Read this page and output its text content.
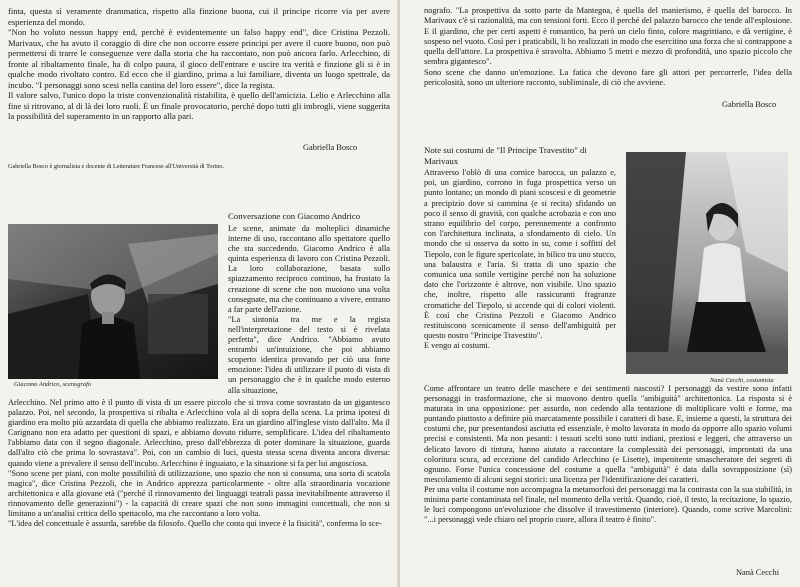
finta, questa sì veramente drammatica, rispetto alla finzione buona, cui il principe ricorre via per avere esperienza del mondo.
"Non ho voluto nessun happy end, perché è evidentemente un falso happy end", dice Cristina Pezzoli. Marivaux, che ha avuto il coraggio di dire che non occorre essere principi per avere il cuore buono, non può permettersi di trarre le conseguenze vere dalla storia che ha raccontato, non può ancora farlo. Arlecchino, di fronte al ribaltamento finale, ha di colpo paura, il gioco dell'entrare e uscire tra verità e finzione gli si è in qualche modo rivoltato contro. Ed ecco che il giardino, prima a lui familiare, diventa un luogo spettrale, da incubo. "I personaggi sono scesi nella cantina del loro essere", dice la regista.
Il valore salvo, l'unico dopo la triste convenzionalità ristabilita, è quello dell'amicizia. Lelio e Arlecchino alla fine si ritrovano, al di là dei loro ruoli. È un finale provocatorio, perché dopo tutti gli imbrogli, viene suggerita la possibilità del superamento in un rapporto alla pari.
Gabriella Bosco
Gabriella Bosco è giornalista e docente di Letterature Francese all'Università di Torino.
Giacomo Andrico, scenografo
Conversazione con Giacomo Andrico
Le scene, animate da molteplici dinamiche interne di uso, raccontano allo spettatore quello che sta succedendo. Giacomo Andrico è alla quinta esperienza di lavoro con Cristina Pezzoli. La loro collaborazione, basata sullo spiazzamento reciproco continuo, ha frustato la creazione di scene che non muoiono una volta consegnate, ma che continuano a vivere, entrano a far parte dell'azione.
"La sintonia tra me e la regista nell'interpretazione del testo si è rivelata perfetta", dice Andrico. "Abbiamo avuto entrambi un'intuizione, che poi abbiamo scoperto identica provando per ciò una forte emozione: l'idea di utilizzare il punto di vista di un personaggio che è in qualche modo esterno alla situazione,
Arlecchino. Nel primo atto è il punto di vista di un essere piccolo che si trova come sovrastato da un gigantesco palazzo. Poi, nel secondo, la prospettiva si ribalta e Arlecchino vola al di sopra della scena. La prima ipotesi di giardino era molto più azzardata di quella che abbiamo realizzato. Era un giardino all'inglese visto dall'alto. Ma il Carignano non era adatto per questioni di spazi, e abbiamo dovuto ridurre, semplificare. L'idea del ribaltamento l'abbiamo data con il segno diagonale. Arlecchino, preso dall'ebbrezza di poter dominare la situazione, guarda dall'alto ciò che prima lo sovrastava". Poi, con un cambio di luci, questa stessa scena diventa ancora diversa: quando viene a prevalere il senso dell'incubo. Arlecchino è inguaiato, e la situazione si fa per lui angosciosa.
"Sono scene per piani, con molte possibilità di utilizzazione, uno spazio che non si consuma, una sorta di scatola magica", dice Cristina Pezzoli, che in Andrico apprezza particolarmente - oltre alla straordinaria vocazione architettonica e alla giovane età ("perché il rinnovamento dei linguaggi teatrali passa inevitabilmente attraverso il rinnovamento delle generazioni") - la capacità di creare spazi che non sono immagini concettuali, che non si limitano a un'analisi critica dello spettacolo, ma che raccontano a loro volta.
"L'idea del concettuale è assurda, sarebbe da filosofo. Quello che conta qui invece è la fisicità", conferma lo sce-
nografo. "La prospettiva da sotto parte da Mantegna, è quella del manierismo, è quella del barocco. In Marivaux c'è si razionalità, ma con tensioni forti. Ecco il perché del palazzo barocco che tende all'esplosione. E il giardino, che per certi aspetti è romantico, ha però un cielo finto, colore magrittiano, e dà vertigine, è sospeso nel vuoto. Così per i praticabili, li ho realizzati in modo che esercitino una forza che si contrappone a quella dell'attore. La prospettiva è stravolta. Abbiamo 5 metri e mezzo di profondità, uno spazio piccolo che sembra gigantesco".
Sono scene che danno un'emozione. La fatica che devono fare gli attori per percorrerle, l'idea della pericolosità, sono un ulteriore racconto, subliminale, di ciò che avviene.
Gabriella Bosco
Note sui costumi de "Il Principe Travestito" di Marivaux
Attraverso l'oblò di una cornice barocca, un palazzo e, poi, un giardino, corrono in fuga prospettica verso un punto lontano; un mondo di piani scoscesi e di geometrie a precipizio dove si cammina (e si recita) sfidando un poco il senso di gravità, con qualche acrobazia e con uno strano equilibrio del corpo, perennemente a confronto con l'architettura inclinata, a sfondamento di cielo. Un mondo che si osserva da sotto in su, come i soffitti del Tiepolo, con le figure spericolate, in bilico tra uno stucco, una balaustra e l'aria. Si tratta di uno spazio che comunica una sottile vertigine perché non ha soluzione dato che l'orizzonte è altrove, non visibile. Uno spazio che, inoltre, rispetto alle rassicuranti fragranze cromatiche del Tiepolo, si accende qui di colori violenti. È così che Cristina Pezzoli e Giacomo Andrico restituiscono scenicamente il senso dell'ambiguità per questo nostro "Principe Travestito".
E vengo ai costumi.
Nanà Cecchi, costumista
Come affrontare un teatro delle maschere e dei sentimenti nascosti? I personaggi da vestire sono infatti personaggi in trasformazione, che si muovono dentro quella "ambiguità" architettonica. La risposta si è maturata in una opposizione: per assurdo, non cedendo alla tentazione di moltiplicare volti e forme, ma puntando piuttosto a definire più marcatamente possibile i caratteri di base. E, insieme a questi, la struttura dei costumi che, pur presentandosi asciutta ed essenziale, è molto lavorata in modo da opporre allo spazio volumi precisi e consistenti. Ma non pesanti: i tessuti scelti sono tutti indiani, preziosi e leggeri, che attraverso un delicato lavoro di tintura, hanno aiutato a raccontare la complessità dei personaggi, improntati da una coloritura scura, ad eccezione del candido Arlecchino (e Lisette), impenitente smascheratore dei segreti di ognuno. Forse l'unica concessione del costume a quella "ambiguità" è data dalla sovrapposizione (sì) mescolamento di alcuni segni storici: una licenza per l'identificazione dei caratteri.
Per una volta il costume non accompagna la metamorfosi dei personaggi ma la contrasta con la sua stabilità, in minima parte contaminata nel finale, nel momento della verità. Quando, cioè, il testo, la recitazione, lo spazio, le luci compongono un'evoluzione che dissolve il travestimento (interiore). Quando, come scrive Marcolini: "...i personaggi vede chiaro nel proprio cuore, allora il teatro è finito".
Nanà Cecchi
